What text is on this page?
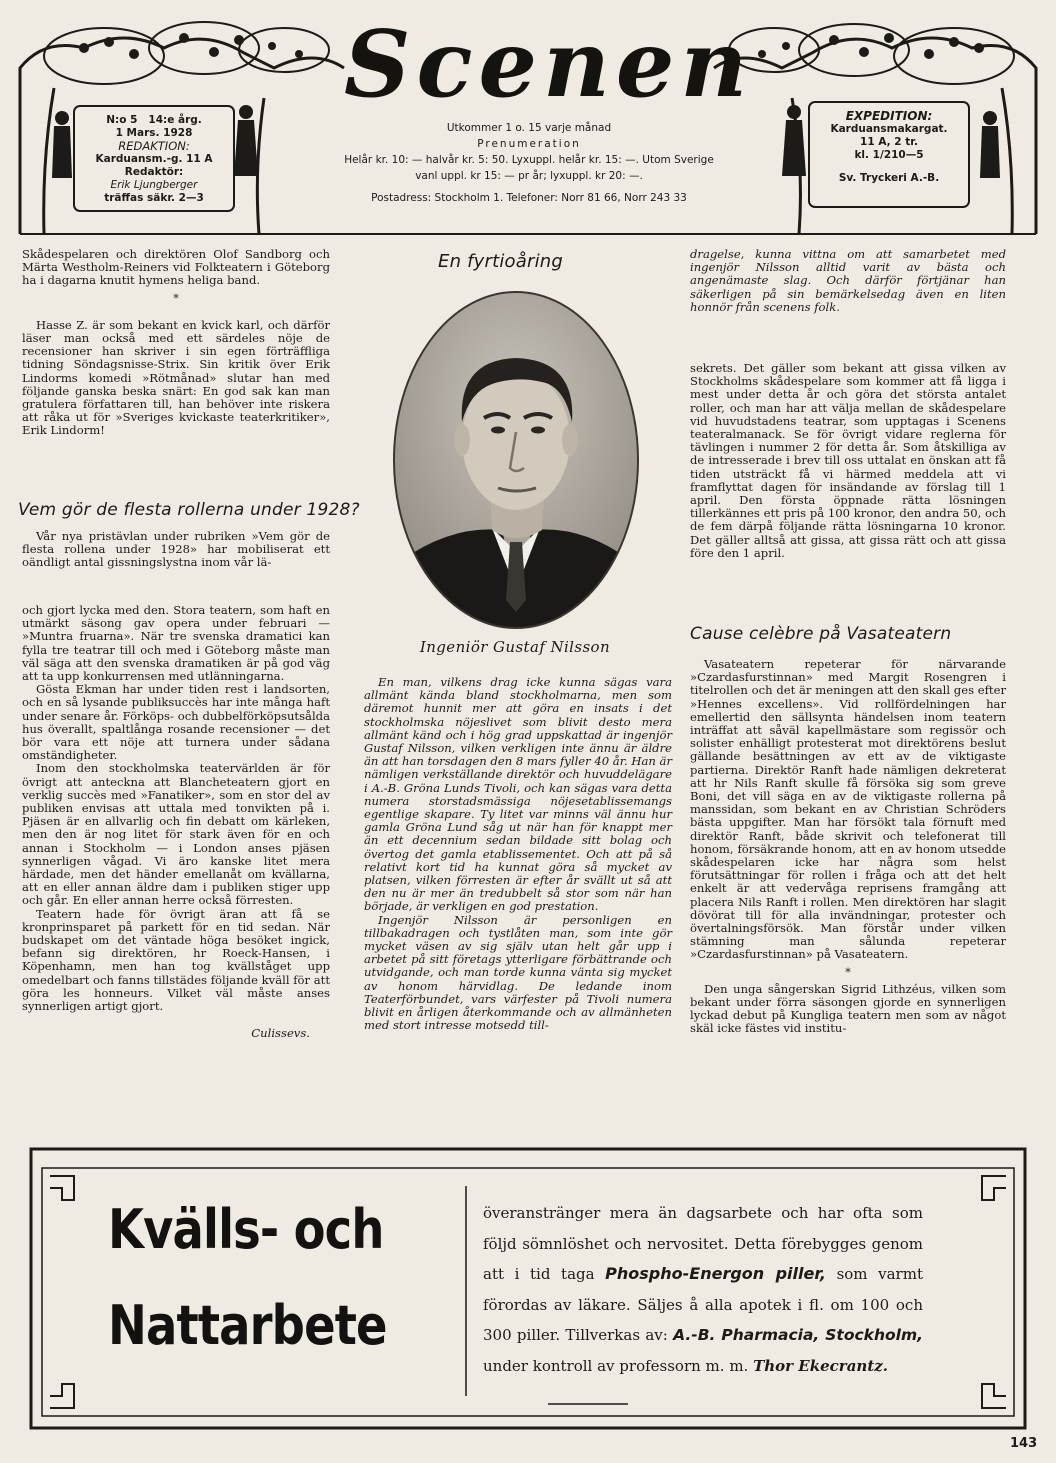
Scenen
N:o 5 14:e årg.
1 Mars. 1928
REDAKTION:
Karduansm.-g. 11 A
Redaktör:
Erik Ljungberger
träffas säkr. 2—3
Utkommer 1 o. 15 varje månad
Prenumeration
Helår kr. 10: — halvår kr. 5: 50. Lyxuppl. helår kr. 15: —. Utom Sverige
vanl uppl. kr 15: — pr år; lyxuppl. kr 20: —.
Postadress: Stockholm 1. Telefoner: Norr 81 66, Norr 243 33
EXPEDITION:
Karduansmakargat.
11 A, 2 tr.
kl. 1/210—5
Sv. Tryckeri A.-B.

Skådespelaren och direktören Olof Sandborg och Märta Westholm-Reiners vid Folkteatern i Göteborg ha i dagarna knutit hymens heliga band.

*

Hasse Z. är som bekant en kvick karl, och därför läser man också med ett särdeles nöje de recensioner han skriver i sin egen förträffliga tidning Söndagsnisse-Strix. Sin kritik över Erik Lindorms komedi »Rötmånad» slutar han med följande ganska beska snärt: En god sak kan man gratulera författaren till, han behöver inte riskera att råka ut för »Sveriges kvickaste teaterkritiker», Erik Lindorm!

Vem gör de flesta rollerna under 1928?

Vår nya pristävlan under rubriken »Vem gör de flesta rollena under 1928» har mobiliserat ett oändligt antal gissningslystna inom vår lä-

och gjort lycka med den. Stora teatern, som haft en utmärkt säsong gav opera under februari — »Muntra fruarna». När tre svenska dramatici kan fylla tre teatrar till och med i Göteborg måste man väl säga att den svenska dramatiken är på god väg att ta upp konkurrensen med utlänningarna.

Gösta Ekman har under tiden rest i landsorten, och en så lysande publiksuccès har inte många haft under senare år. Förköps- och dubbelförköpsutsålda hus överallt, spaltlånga rosande recensioner — det bör vara ett nöje att turnera under sådana omständigheter.

Inom den stockholmska teatervärlden är för övrigt att anteckna att Blancheteatern gjort en verklig succès med »Fanatiker», som en stor del av publiken envisas att uttala med tonvikten på i. Pjäsen är en allvarlig och fin debatt om kärleken, men den är nog litet för stark även för en och annan i Stockholm — i London anses pjäsen synnerligen vågad. Vi äro kanske litet mera härdade, men det händer emellanåt om kvällarna, att en eller annan äldre dam i publiken stiger upp och går. En eller annan herre också förresten.

Teatern hade för övrigt äran att få se kronprinsparet på parkett för en tid sedan. När budskapet om det väntade höga besöket ingick, befann sig direktören, hr Roeck-Hansen, i Köpenhamn, men han tog kvällståget upp omedelbart och fanns tillstädes följande kväll för att göra les honneurs. Vilket väl måste anses synnerligen artigt gjort.

Culissevs.

En fyrtioåring
Ingeniör Gustaf Nilsson

En man, vilkens drag icke kunna sägas vara allmänt kända bland stockholmarna, men som däremot hunnit mer att göra en insats i det stockholmska nöjeslivet som blivit desto mera allmänt känd och i hög grad uppskattad är ingenjör Gustaf Nilsson, vilken verkligen inte ännu är äldre än att han torsdagen den 8 mars fyller 40 år. Han är nämligen verkställande direktör och huvuddelägare i A.-B. Gröna Lunds Tivoli, och kan sägas vara detta numera storstadsmässiga nöjesetablissemangs egentlige skapare. Ty litet var minns väl ännu hur gamla Gröna Lund såg ut när han för knappt mer än ett decennium sedan bildade sitt bolag och övertog det gamla etablissementet. Och att på så relativt kort tid ha kunnat göra så mycket av platsen, vilken förresten är efter år svällt ut så att den nu är mer än tredubbelt så stor som när han började, är verkligen en god prestation.

Ingenjör Nilsson är personligen en tillbakadragen och tystlåten man, som inte gör mycket väsen av sig själv utan helt går upp i arbetet på sitt företags ytterligare förbättrande och utvidgande, och man torde kunna vänta sig mycket av honom härvidlag. De ledande inom Teaterförbundet, vars värfester på Tivoli numera blivit en årligen återkommande och av allmänheten med stort intresse motsedd till-

dragelse, kunna vittna om att samarbetet med ingenjör Nilsson alltid varit av bästa och angenämaste slag. Och därför förtjänar han säkerligen på sin bemärkelsedag även en liten honnör från scenens folk.

sekrets. Det gäller som bekant att gissa vilken av Stockholms skådespelare som kommer att få ligga i mest under detta år och göra det största antalet roller, och man har att välja mellan de skådespelare vid huvudstadens teatrar, som upptagas i Scenens teateralmanack. Se för övrigt vidare reglerna för tävlingen i nummer 2 för detta år. Som åtskilliga av de intresserade i brev till oss uttalat en önskan att få tiden utsträckt få vi härmed meddela att vi framflyttat dagen för insändande av förslag till 1 april. Den första öppnade rätta lösningen tillerkännes ett pris på 100 kronor, den andra 50, och de fem därpå följande rätta lösningarna 10 kronor. Det gäller alltså att gissa, att gissa rätt och att gissa före den 1 april.

Cause celèbre på Vasateatern

Vasateatern repeterar för närvarande »Czardasfurstinnan» med Margit Rosengren i titelrollen och det är meningen att den skall ges efter »Hennes excellens». Vid rollfördelningen har emellertid den sällsynta händelsen inom teatern inträffat att såväl kapellmästare som regissör och solister enhälligt protesterat mot direktörens beslut gällande besättningen av ett av de viktigaste partierna. Direktör Ranft hade nämligen dekreterat att hr Nils Ranft skulle få försöka sig som greve Boni, det vill säga en av de viktigaste rollerna på manssidan, som bekant en av Christian Schröders bästa uppgifter. Man har försökt tala förnuft med direktör Ranft, både skrivit och telefonerat till honom, försäkrande honom, att en av honom utsedde skådespelaren icke har några som helst förutsättningar för rollen i fråga och att det helt enkelt är att vedervåga reprisens framgång att placera Nils Ranft i rollen. Men direktören har slagit dövörat till för alla invändningar, protester och övertalningsförsök. Man förstår under vilken stämning man sålunda repeterar »Czardasfurstinnan» på Vasateatern.

*

Den unga sångerskan Sigrid Lithzéus, vilken som bekant under förra säsongen gjorde en synnerligen lyckad debut på Kungliga teatern men som av något skäl icke fästes vid institu-

Kvälls- och
Nattarbete
överanstränger mera än dagsarbete och har ofta som följd sömnlöshet och nervositet. Detta förebygges genom att i tid taga Phospho-Energon piller, som varmt förordas av läkare. Säljes å alla apotek i fl. om 100 och 300 piller. Tillverkas av: A.-B. Pharmacia, Stockholm, under kontroll av professorn m. m. Thor Ekecrantz.
143
